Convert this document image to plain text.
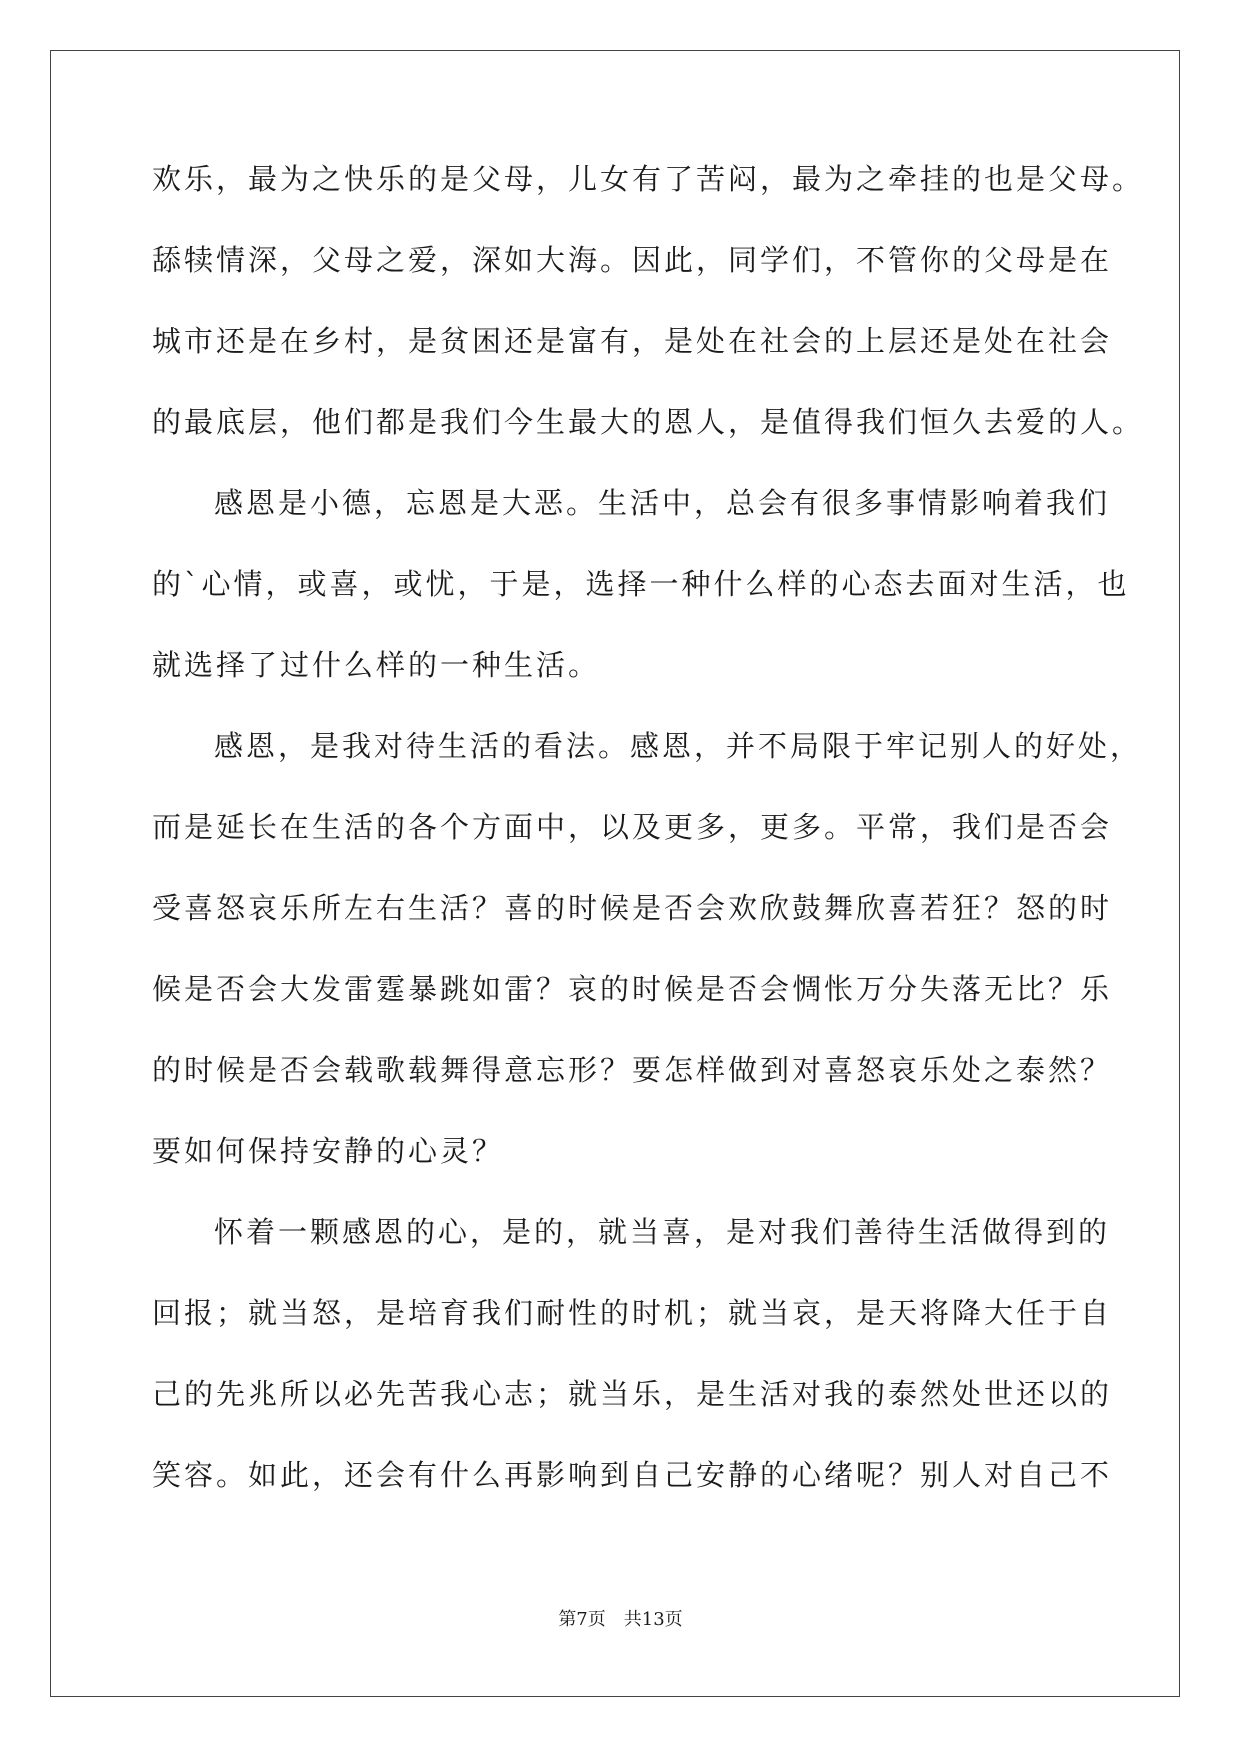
欢乐，最为之快乐的是父母，儿女有了苦闷，最为之牵挂的也是父母。
舔犊情深，父母之爱，深如大海。因此，同学们，不管你的父母是在
城市还是在乡村，是贫困还是富有，是处在社会的上层还是处在社会
的最底层，他们都是我们今生最大的恩人，是值得我们恒久去爱的人。
感恩是小德，忘恩是大恶。生活中，总会有很多事情影响着我们
的`心情，或喜，或忧，于是，选择一种什么样的心态去面对生活，也
就选择了过什么样的一种生活。
感恩，是我对待生活的看法。感恩，并不局限于牢记别人的好处，
而是延长在生活的各个方面中，以及更多，更多。平常，我们是否会
受喜怒哀乐所左右生活？喜的时候是否会欢欣鼓舞欣喜若狂？怒的时
候是否会大发雷霆暴跳如雷？哀的时候是否会惆怅万分失落无比？乐
的时候是否会载歌载舞得意忘形？要怎样做到对喜怒哀乐处之泰然？
要如何保持安静的心灵？
怀着一颗感恩的心，是的，就当喜，是对我们善待生活做得到的
回报；就当怒，是培育我们耐性的时机；就当哀，是天将降大任于自
己的先兆所以必先苦我心志；就当乐，是生活对我的泰然处世还以的
笑容。如此，还会有什么再影响到自己安静的心绪呢？别人对自己不
第7页 共13页
